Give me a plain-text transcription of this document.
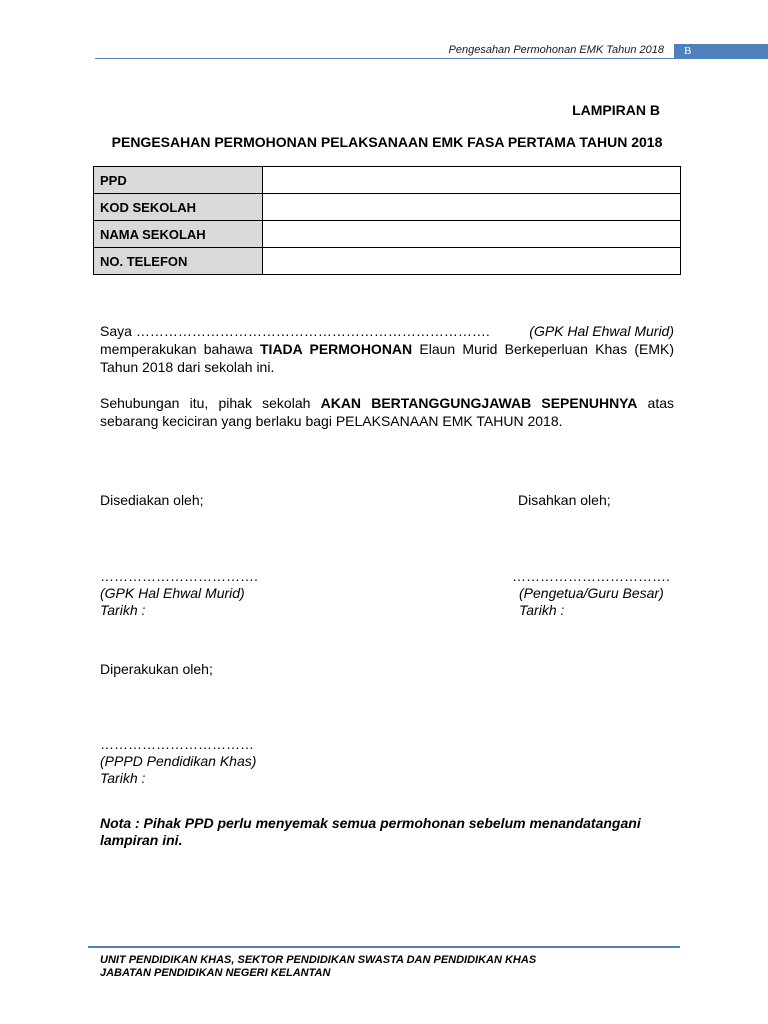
Pengesahan Permohonan EMK Tahun 2018	B
LAMPIRAN B
PENGESAHAN PERMOHONAN PELAKSANAAN EMK FASA PERTAMA TAHUN 2018
PPD	
KOD SEKOLAH	
NAMA SEKOLAH	
NO. TELEFON	
Saya ………………………………………………………………….	(GPK Hal Ehwal Murid)
memperakukan bahawa TIADA PERMOHONAN Elaun Murid Berkeperluan Khas (EMK) Tahun 2018 dari sekolah ini.
Sehubungan itu, pihak sekolah AKAN BERTANGGUNGJAWAB SEPENUHNYA atas sebarang keciciran yang berlaku bagi PELAKSANAAN EMK TAHUN 2018.
Disediakan oleh;	Disahkan oleh;
…………………………….
(GPK Hal Ehwal Murid)
Tarikh :
…………………………….
(Pengetua/Guru Besar)
Tarikh :
Diperakukan oleh;
……………………………
(PPPD Pendidikan Khas)
Tarikh :
Nota : Pihak PPD perlu menyemak semua permohonan sebelum menandatangani lampiran ini.
UNIT PENDIDIKAN KHAS, SEKTOR PENDIDIKAN SWASTA DAN PENDIDIKAN KHAS
JABATAN PENDIDIKAN NEGERI KELANTAN
